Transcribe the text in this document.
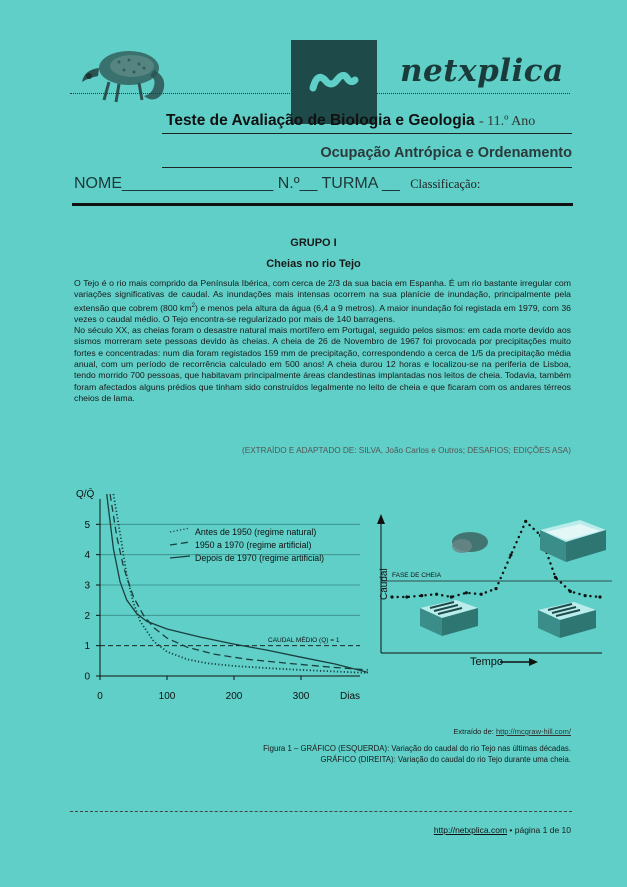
netxplica
Teste de Avaliação de Biologia e Geologia - 11.º Ano
Ocupação Antrópica e Ordenamento
NOME_________________ N.º__ TURMA __ Classificação:
GRUPO I
Cheias no rio Tejo

O Tejo é o rio mais comprido da Península Ibérica, com cerca de 2/3 da sua bacia em Espanha. É um rio bastante irregular com variações significativas de caudal. As inundações mais intensas ocorrem na sua planície de inundação, principalmente pela extensão que cobrem (800 $km^2$) e menos pela altura da água (6,4 a 9 metros). A maior inundação foi registada em 1979, com 36 vezes o caudal médio. O Tejo encontra-se regularizado por mais de 140 barragens.

No século XX, as cheias foram o desastre natural mais mortífero em Portugal, seguido pelos sismos: em cada morte devido aos sismos morreram sete pessoas devido às cheias. A cheia de 26 de Novembro de 1967 foi provocada por precipitações muito fortes e concentradas: num dia foram registados 159 mm de precipitação, correspondendo a cerca de 1/5 da precipitação média anual, com um período de recorrência calculado em 500 anos! A cheia durou 12 horas e localizou-se na periferia de Lisboa, tendo morrido 700 pessoas, que habitavam principalmente áreas clandestinas implantadas nos leitos de cheia. Todavia, também foram afectados alguns prédios que tinham sido construídos legalmente no leito de cheia e que ficaram com os andares térreos cheios de lama.

(EXTRAÍDO E ADAPTADO DE: SILVA, João Carlos e Outros; DESAFIOS; EDIÇÕES ASA)
0
1
2
3
4
5
0	100	200	300
Antes de 1950 (regime natural)
1950 a 1970 (regime artificial)
Depois de 1970 (regime artificial)
Q/Q̄
Dias
CAUDAL MÉDIO (Q) = 1
Caudal
Tempo
FASE DE CHEIA
Extraído de: http://mcgraw-hill.com/
Figura 1 – GRÁFICO (ESQUERDA): Variação do caudal do rio Tejo nas últimas décadas.
GRÁFICO (DIREITA): Variação do caudal do rio Tejo durante uma cheia.
http://netxplica.com • página 1 de 10
